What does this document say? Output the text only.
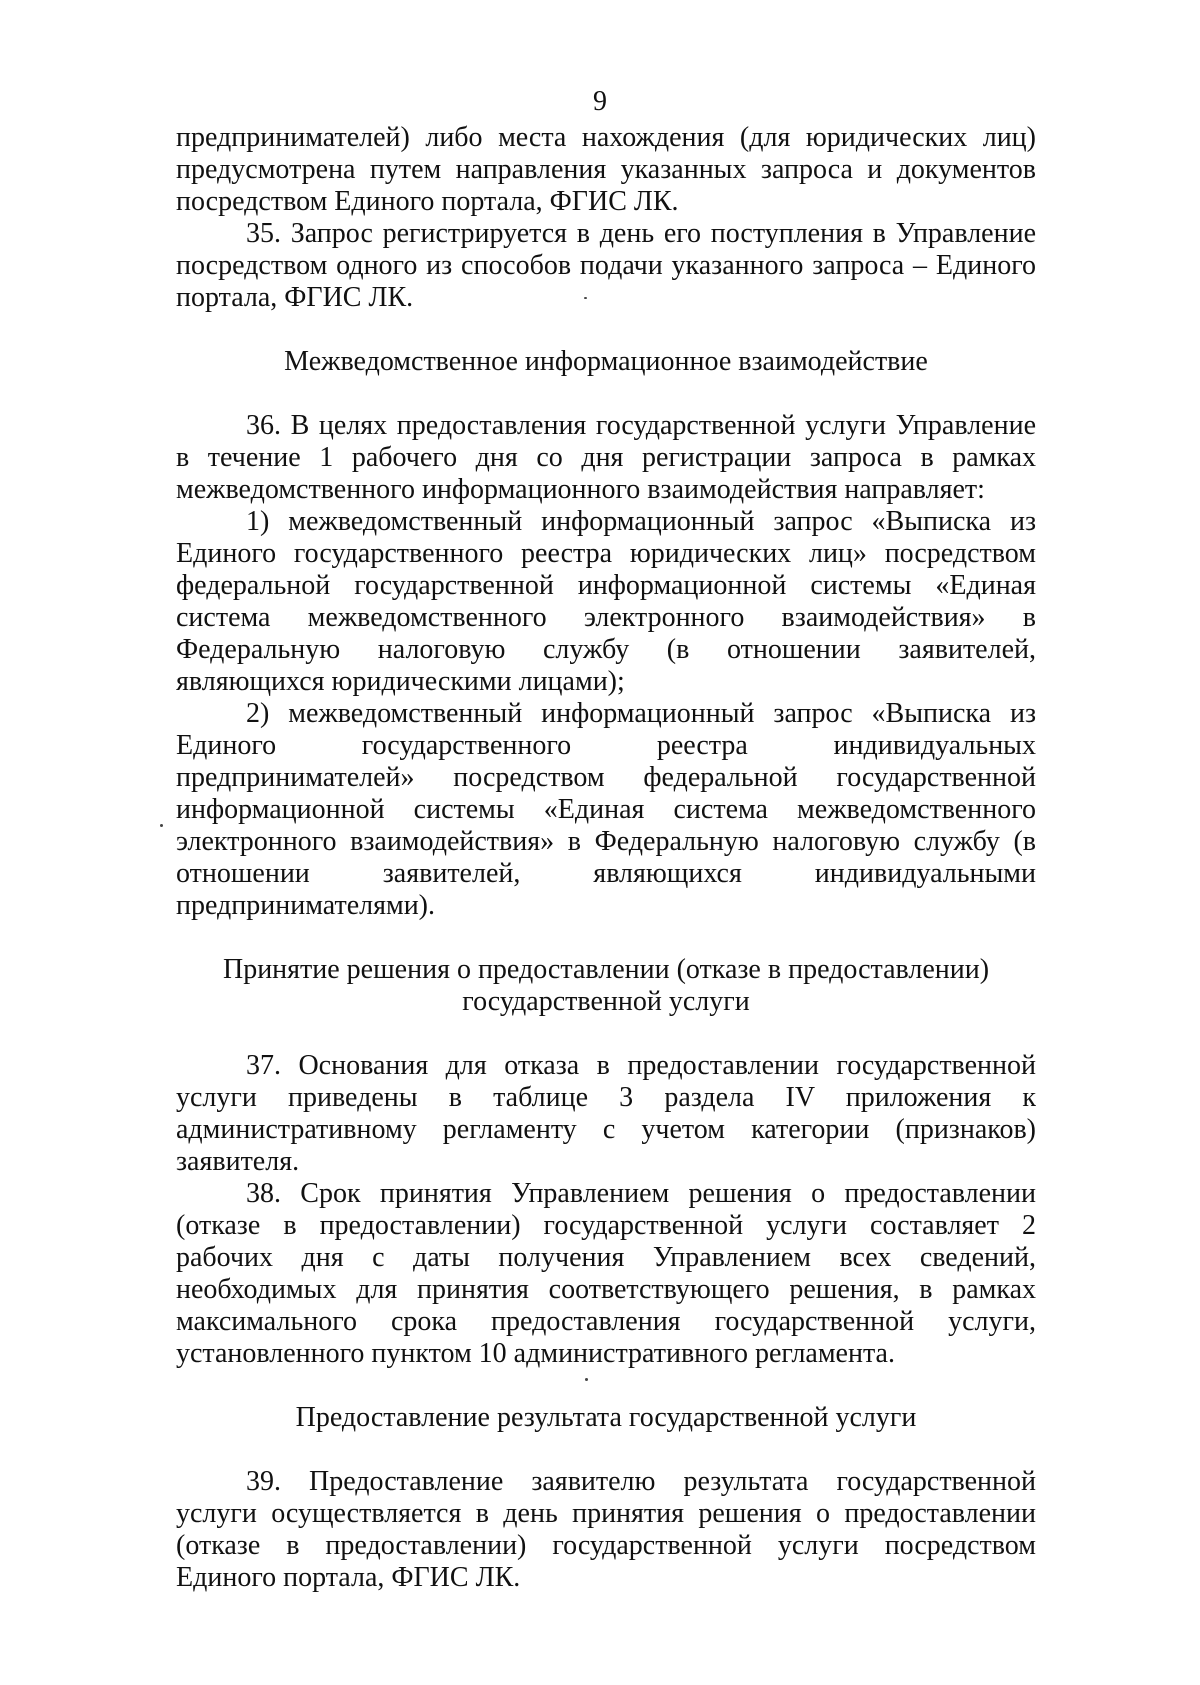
9

предпринимателей) либо места нахождения (для юридических лиц) предусмотрена путем направления указанных запроса и документов посредством Единого портала, ФГИС ЛК.

35. Запрос регистрируется в день его поступления в Управление посредством одного из способов подачи указанного запроса – Единого портала, ФГИС ЛК.

Межведомственное информационное взаимодействие

36. В целях предоставления государственной услуги Управление в течение 1 рабочего дня со дня регистрации запроса в рамках межведомственного информационного взаимодействия направляет:

1) межведомственный информационный запрос «Выписка из Единого государственного реестра юридических лиц» посредством федеральной государственной информационной системы «Единая система межведомственного электронного взаимодействия» в Федеральную налоговую службу (в отношении заявителей, являющихся юридическими лицами);

2) межведомственный информационный запрос «Выписка из Единого государственного реестра индивидуальных предпринимателей» посредством федеральной государственной информационной системы «Единая система межведомственного электронного взаимодействия» в Федеральную налоговую службу (в отношении заявителей, являющихся индивидуальными предпринимателями).

Принятие решения о предоставлении (отказе в предоставлении)

государственной услуги

37. Основания для отказа в предоставлении государственной услуги приведены в таблице 3 раздела IV приложения к административному регламенту с учетом категории (признаков) заявителя.

38. Срок принятия Управлением решения о предоставлении (отказе в предоставлении) государственной услуги составляет 2 рабочих дня с даты получения Управлением всех сведений, необходимых для принятия соответствующего решения, в рамках максимального срока предоставления государственной услуги, установленного пунктом 10 административного регламента.

Предоставление результата государственной услуги

39. Предоставление заявителю результата государственной услуги осуществляется в день принятия решения о предоставлении (отказе в предоставлении) государственной услуги посредством Единого портала, ФГИС ЛК.
